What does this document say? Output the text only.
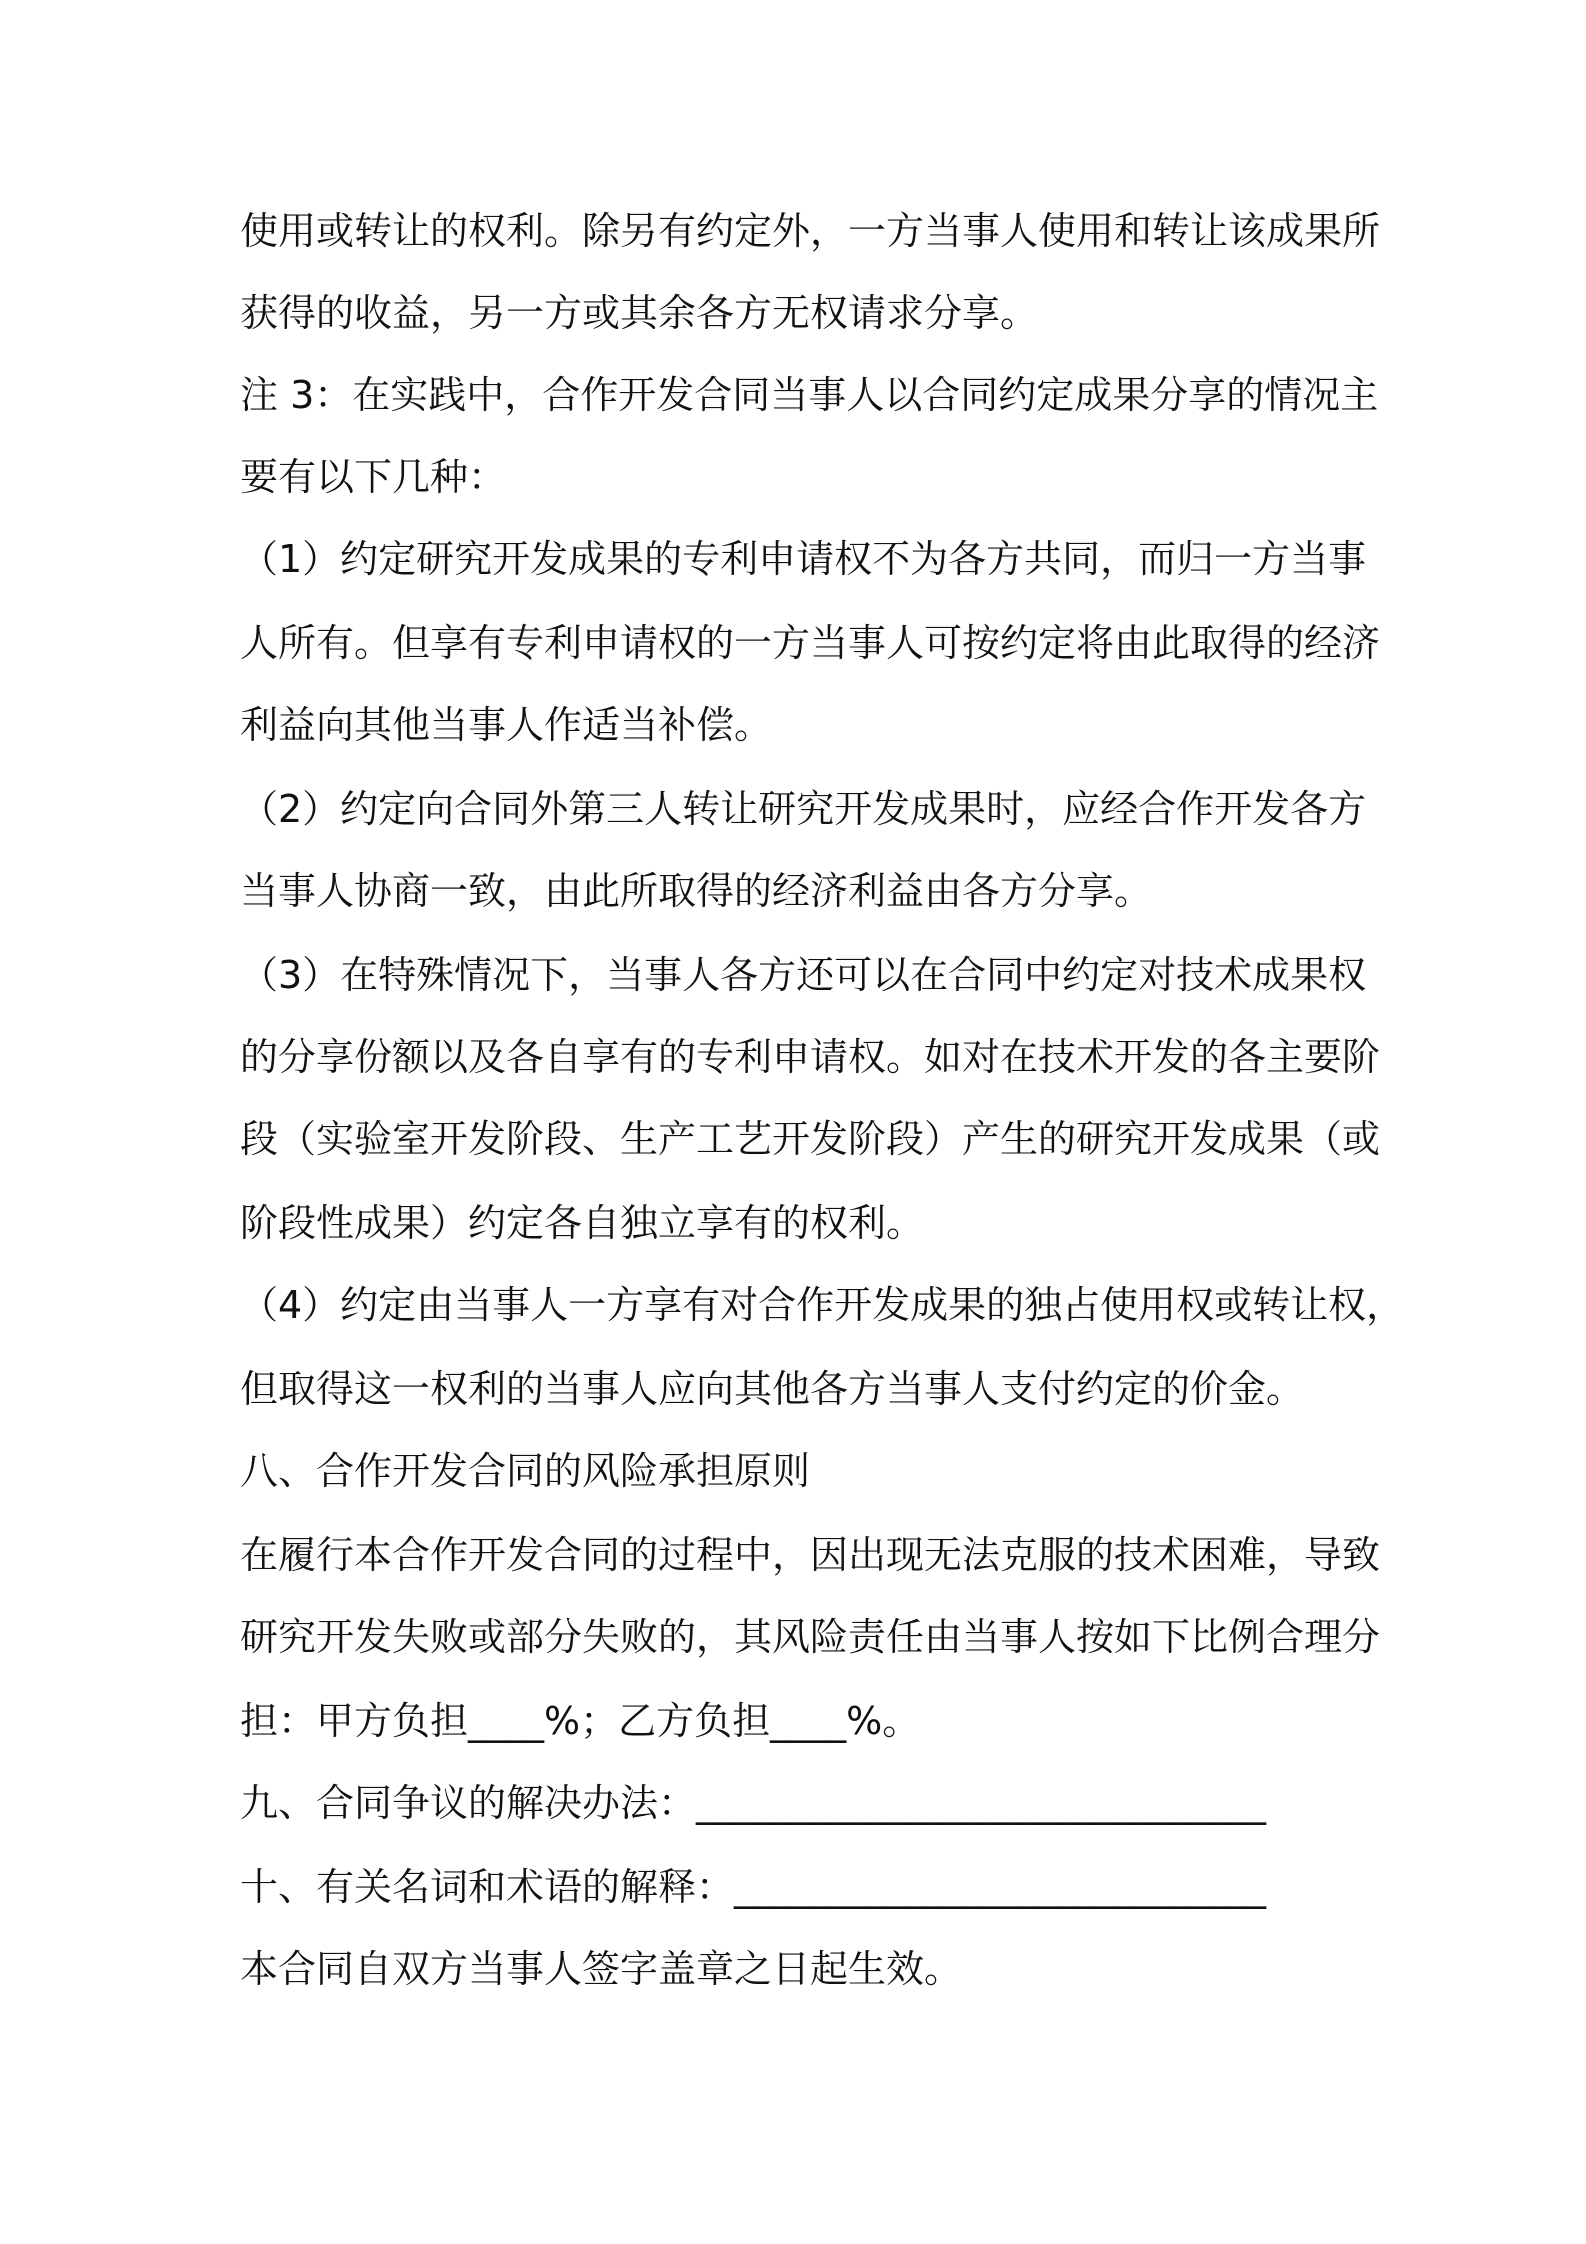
使用或转让的权利。除另有约定外，一方当事人使用和转让该成果所
获得的收益，另一方或其余各方无权请求分享。
注 3：在实践中，合作开发合同当事人以合同约定成果分享的情况主
要有以下几种：
（1）约定研究开发成果的专利申请权不为各方共同，而归一方当事
人所有。但享有专利申请权的一方当事人可按约定将由此取得的经济
利益向其他当事人作适当补偿。
（2）约定向合同外第三人转让研究开发成果时，应经合作开发各方
当事人协商一致，由此所取得的经济利益由各方分享。
（3）在特殊情况下，当事人各方还可以在合同中约定对技术成果权
的分享份额以及各自享有的专利申请权。如对在技术开发的各主要阶
段（实验室开发阶段、生产工艺开发阶段）产生的研究开发成果（或
阶段性成果）约定各自独立享有的权利。
（4）约定由当事人一方享有对合作开发成果的独占使用权或转让权，
但取得这一权利的当事人应向其他各方当事人支付约定的价金。
八、合作开发合同的风险承担原则
在履行本合作开发合同的过程中，因出现无法克服的技术困难，导致
研究开发失败或部分失败的，其风险责任由当事人按如下比例合理分
担：甲方负担____%；乙方负担____%。
九、合同争议的解决办法：______________________________
十、有关名词和术语的解释：____________________________
本合同自双方当事人签字盖章之日起生效。
